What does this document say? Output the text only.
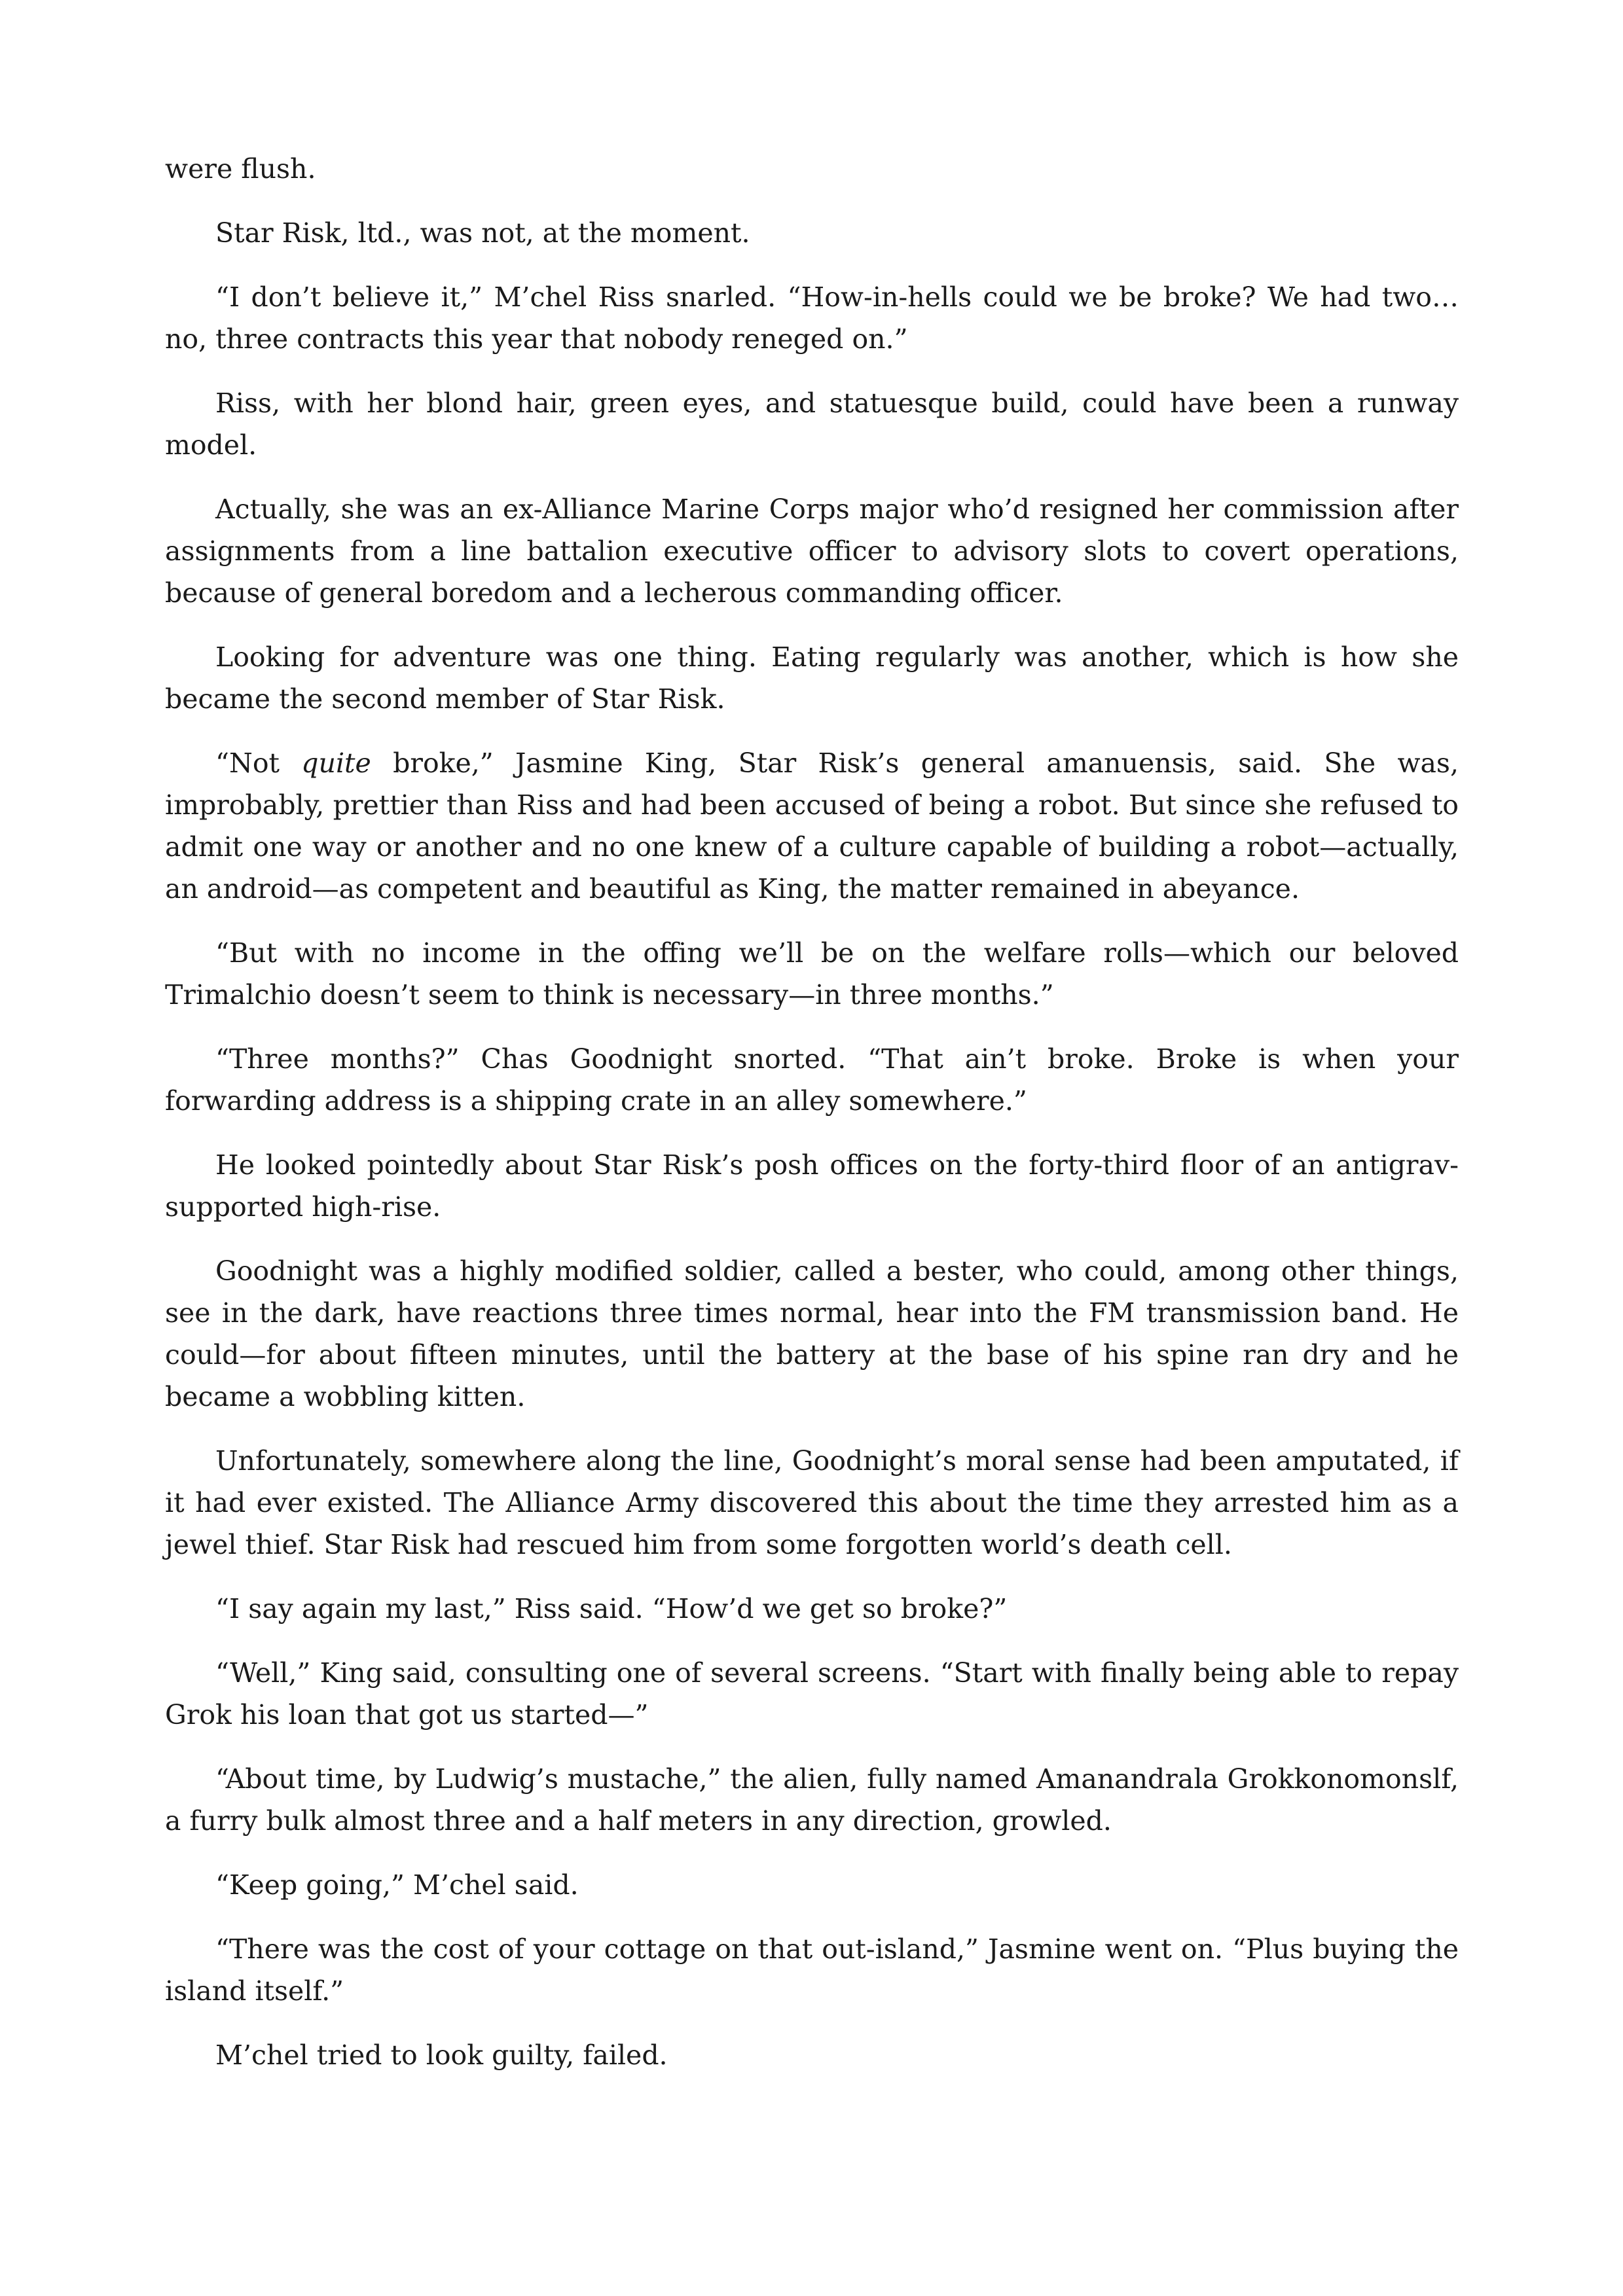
were flush.

Star Risk, ltd., was not, at the moment.

“I don’t believe it,” M’chel Riss snarled. “How-in-hells could we be broke? We had two… no, three contracts this year that nobody reneged on.”

Riss, with her blond hair, green eyes, and statuesque build, could have been a runway model.

Actually, she was an ex-Alliance Marine Corps major who’d resigned her commission after assignments from a line battalion executive officer to advisory slots to covert operations, because of general boredom and a lecherous commanding officer.

Looking for adventure was one thing. Eating regularly was another, which is how she became the second member of Star Risk.

“Not quite broke,” Jasmine King, Star Risk’s general amanuensis, said. She was, improbably, prettier than Riss and had been accused of being a robot. But since she refused to admit one way or another and no one knew of a culture capable of building a robot—actually, an android—as competent and beautiful as King, the matter remained in abeyance.

“But with no income in the offing we’ll be on the welfare rolls—which our beloved Trimalchio doesn’t seem to think is necessary—in three months.”

“Three months?” Chas Goodnight snorted. “That ain’t broke. Broke is when your forwarding address is a shipping crate in an alley somewhere.”

He looked pointedly about Star Risk’s posh offices on the forty-third floor of an antigrav-supported high-rise.

Goodnight was a highly modified soldier, called a bester, who could, among other things, see in the dark, have reactions three times normal, hear into the FM transmission band. He could—for about fifteen minutes, until the battery at the base of his spine ran dry and he became a wobbling kitten.

Unfortunately, somewhere along the line, Goodnight’s moral sense had been amputated, if it had ever existed. The Alliance Army discovered this about the time they arrested him as a jewel thief. Star Risk had rescued him from some forgotten world’s death cell.

“I say again my last,” Riss said. “How’d we get so broke?”

“Well,” King said, consulting one of several screens. “Start with finally being able to repay Grok his loan that got us started—”

“About time, by Ludwig’s mustache,” the alien, fully named Amanandrala Grokkonomonslf, a furry bulk almost three and a half meters in any direction, growled.

“Keep going,” M’chel said.

“There was the cost of your cottage on that out-island,” Jasmine went on. “Plus buying the island itself.”

M’chel tried to look guilty, failed.
